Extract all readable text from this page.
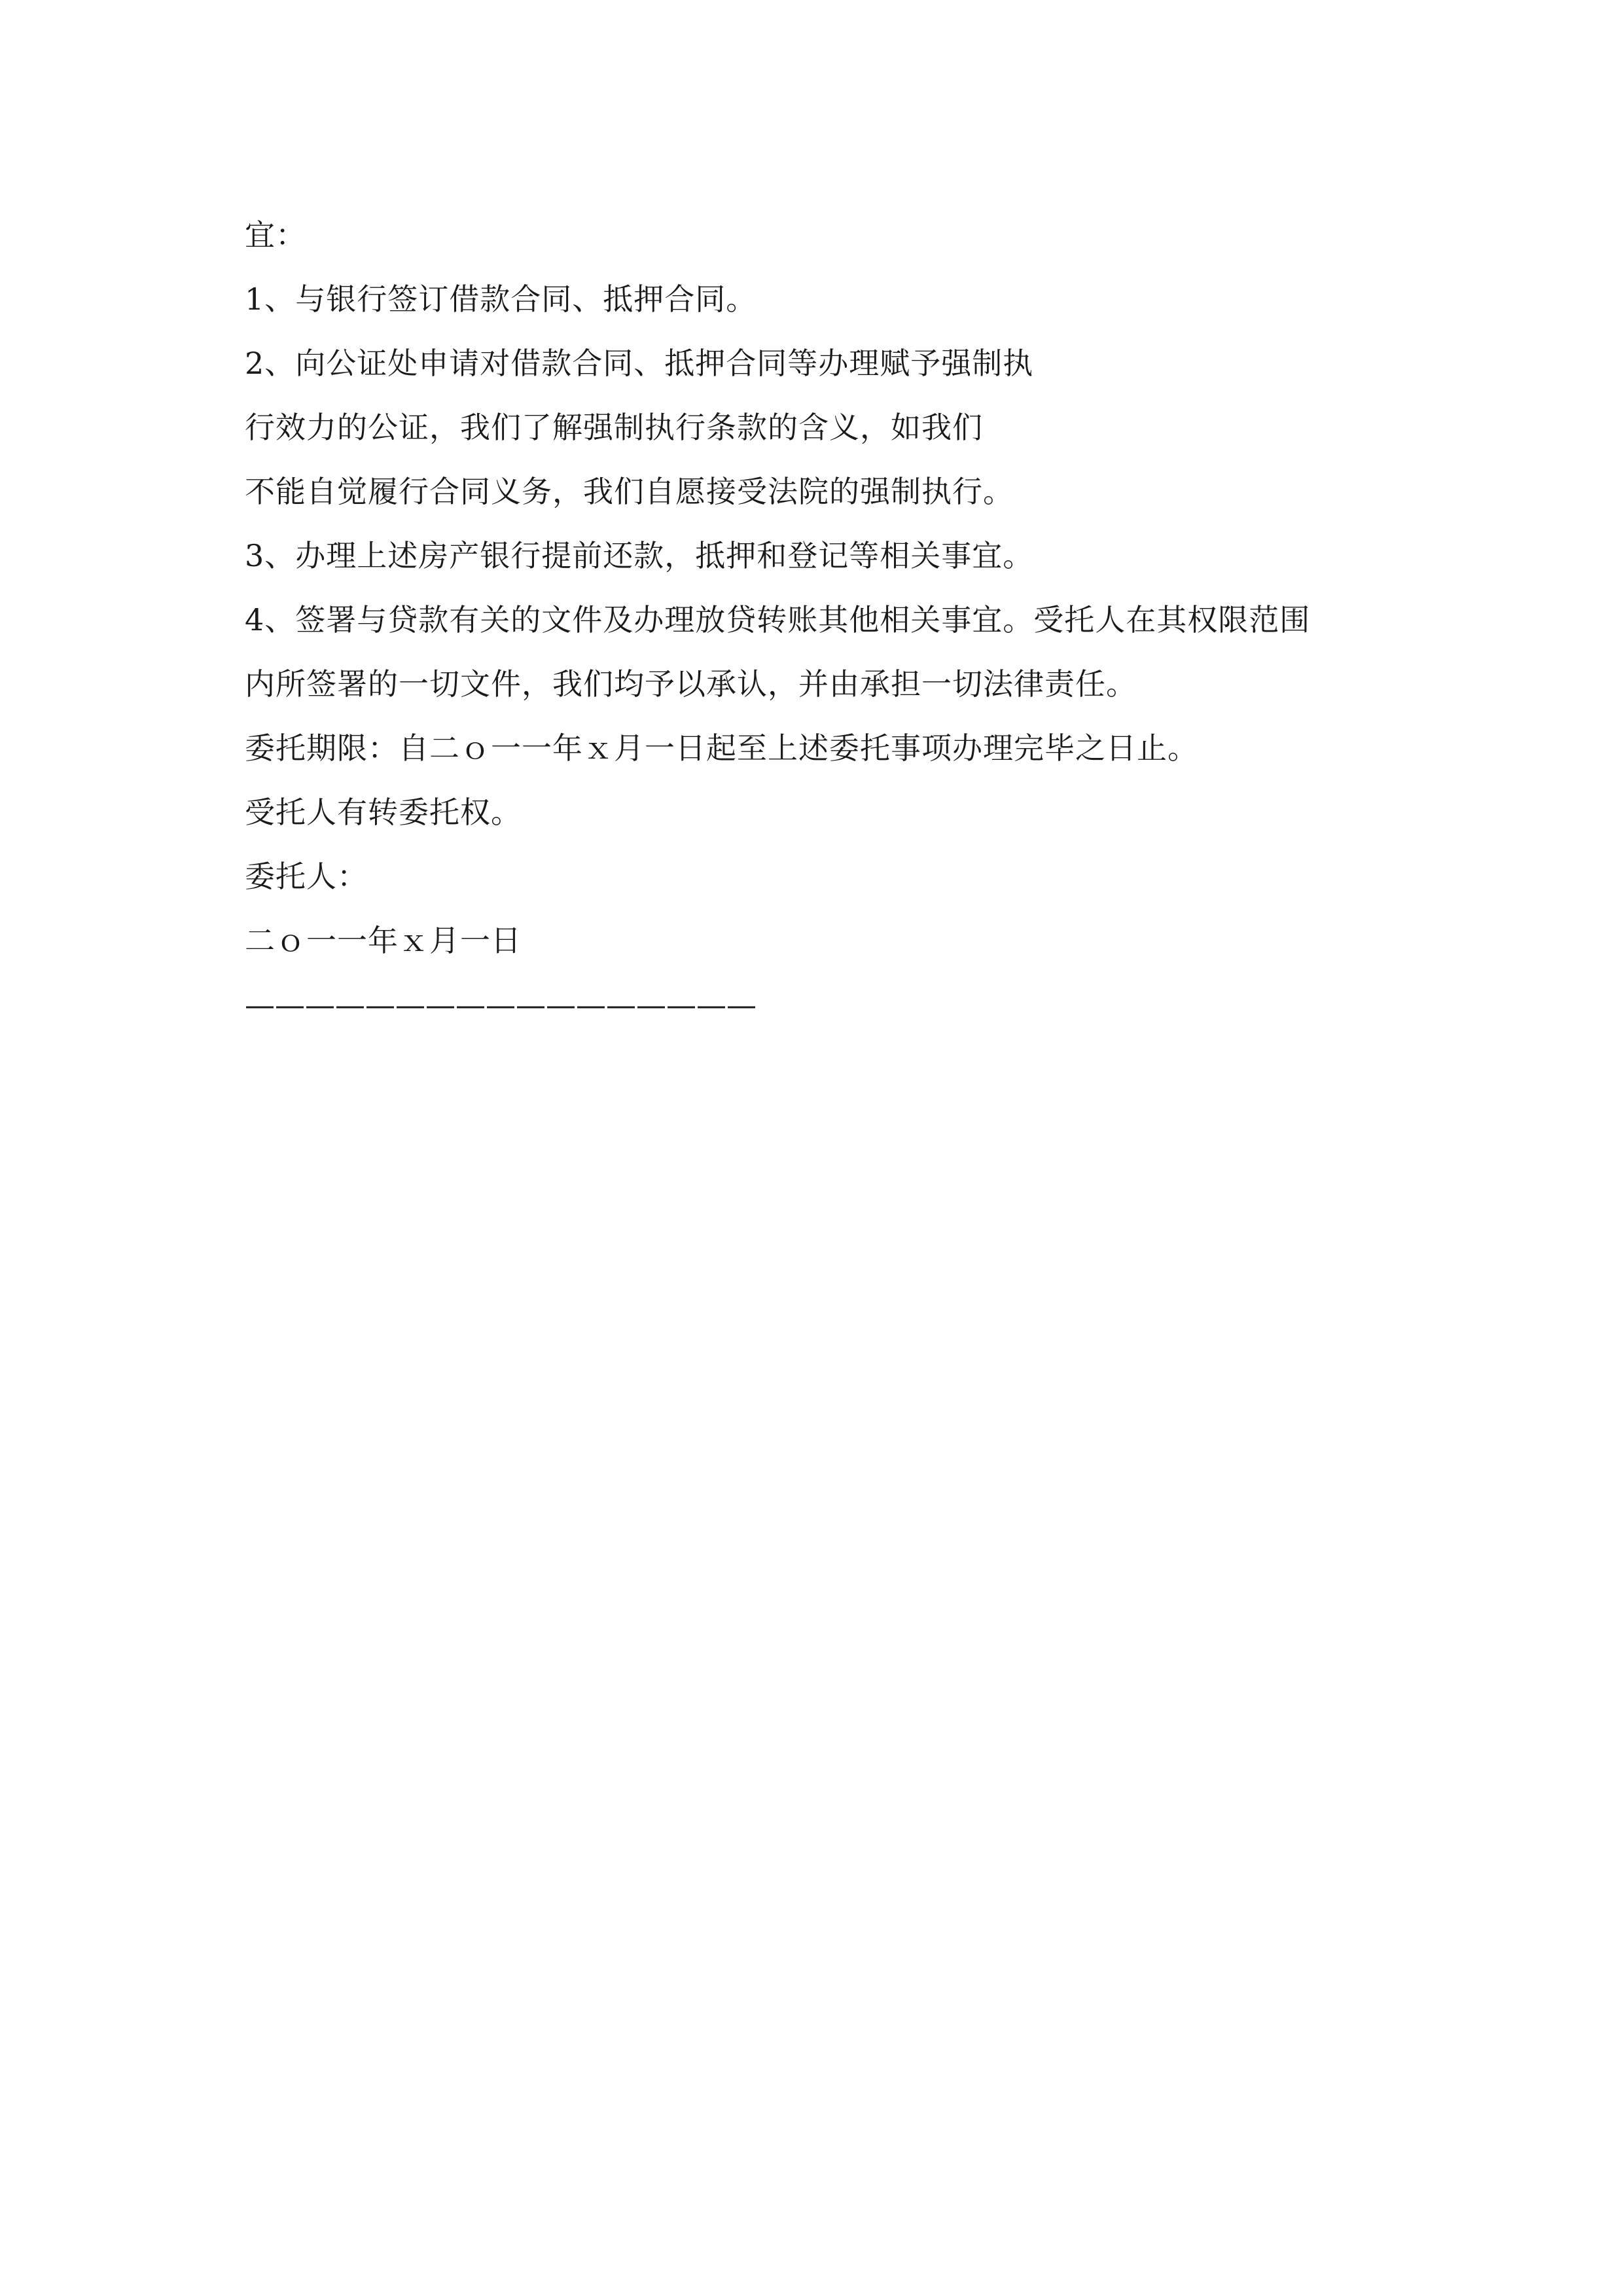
宜：
1、与银行签订借款合同、抵押合同。
2、向公证处申请对借款合同、抵押合同等办理赋予强制执
行效力的公证，我们了解强制执行条款的含义，如我们
不能自觉履行合同义务，我们自愿接受法院的强制执行。
3、办理上述房产银行提前还款，抵押和登记等相关事宜。
4、签署与贷款有关的文件及办理放贷转账其他相关事宜。受托人在其权限范围
内所签署的一切文件，我们均予以承认，并由承担一切法律责任。
委托期限：自二ｏ一一年ｘ月一日起至上述委托事项办理完毕之日止。
受托人有转委托权。
委托人：
二ｏ一一年ｘ月一日
—————————————————
